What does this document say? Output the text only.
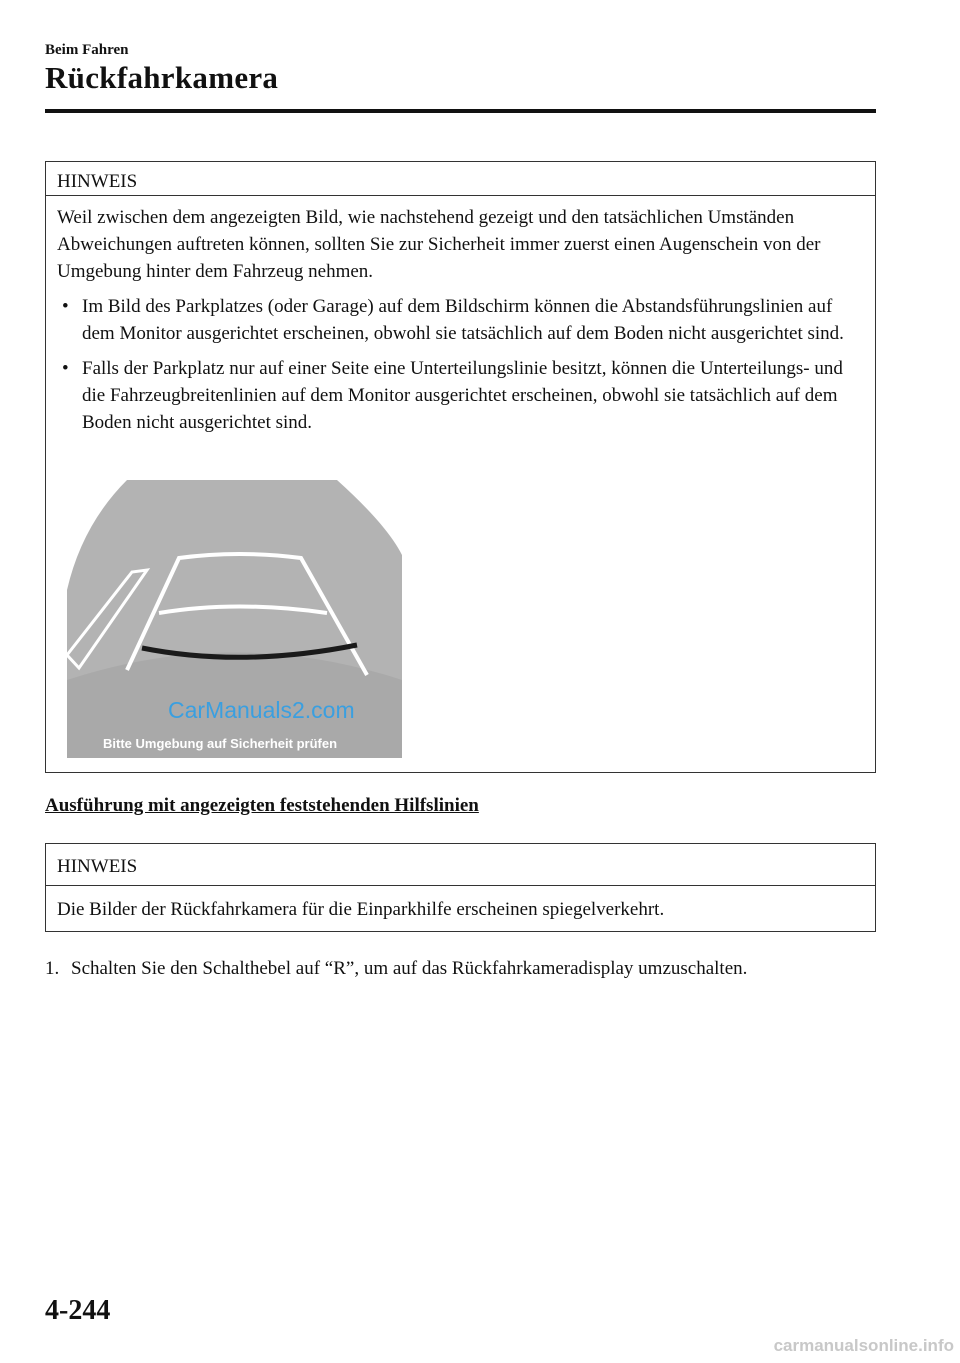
Beim Fahren
Rückfahrkamera
HINWEIS

Weil zwischen dem angezeigten Bild, wie nachstehend gezeigt und den tatsächlichen Umständen Abweichungen auftreten können, sollten Sie zur Sicherheit immer zuerst einen Augenschein von der Umgebung hinter dem Fahrzeug nehmen.

• Im Bild des Parkplatzes (oder Garage) auf dem Bildschirm können die Abstandsführungslinien auf dem Monitor ausgerichtet erscheinen, obwohl sie tatsächlich auf dem Boden nicht ausgerichtet sind.
• Falls der Parkplatz nur auf einer Seite eine Unterteilungslinie besitzt, können die Unterteilungs- und die Fahrzeugbreitenlinien auf dem Monitor ausgerichtet erscheinen, obwohl sie tatsächlich auf dem Boden nicht ausgerichtet sind.
CarManuals2.com
Bitte Umgebung auf Sicherheit prüfen
Ausführung mit angezeigten feststehenden Hilfslinien
HINWEIS

Die Bilder der Rückfahrkamera für die Einparkhilfe erscheinen spiegelverkehrt.

1. Schalten Sie den Schalthebel auf “R”, um auf das Rückfahrkameradisplay umzuschalten.
4-244
carmanualsonline.info
